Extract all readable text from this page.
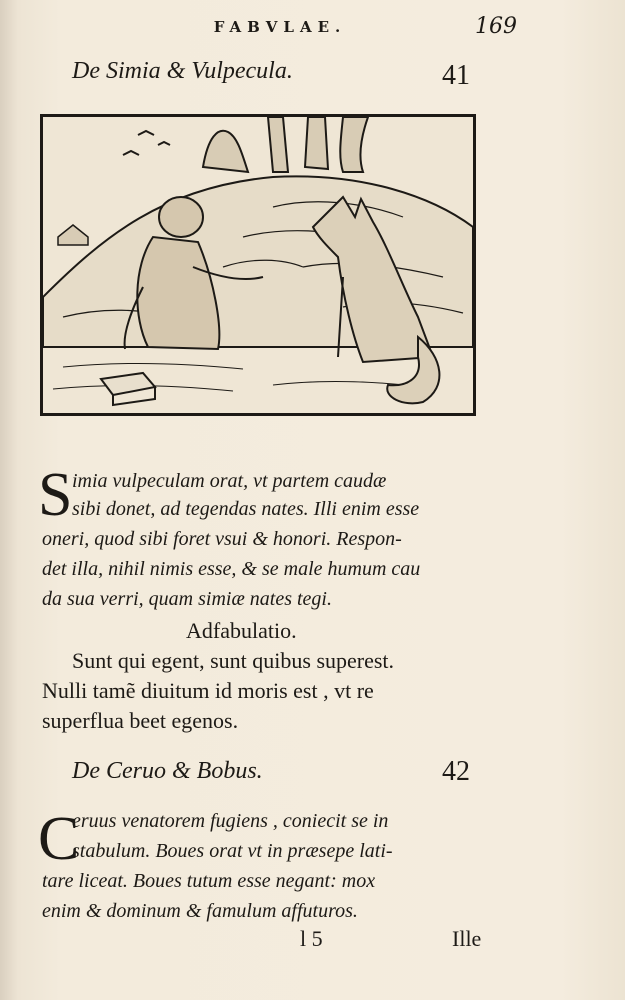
FABVLAE.	169
De Simia & Vulpecula.	41
S imia vulpeculam orat, vt partem caudæ
sibi donet, ad tegendas nates. Illi enim esse
oneri, quod sibi foret vsui & honori. Respon-
det illa, nihil nimis esse, & se male humum cau
da sua verri, quam simiæ nates tegi.
Adfabulatio.
Sunt qui egent, sunt quibus superest.
Nulli tamẽ diuitum id moris est , vt re
superflua beet egenos.
De Ceruo & Bobus.	42
C
eruus venatorem fugiens , coniecit se in
stabulum. Boues orat vt in præsepe lati-
tare liceat. Boues tutum esse negant: mox
enim & dominum & famulum affuturos.
l 5	Ille
